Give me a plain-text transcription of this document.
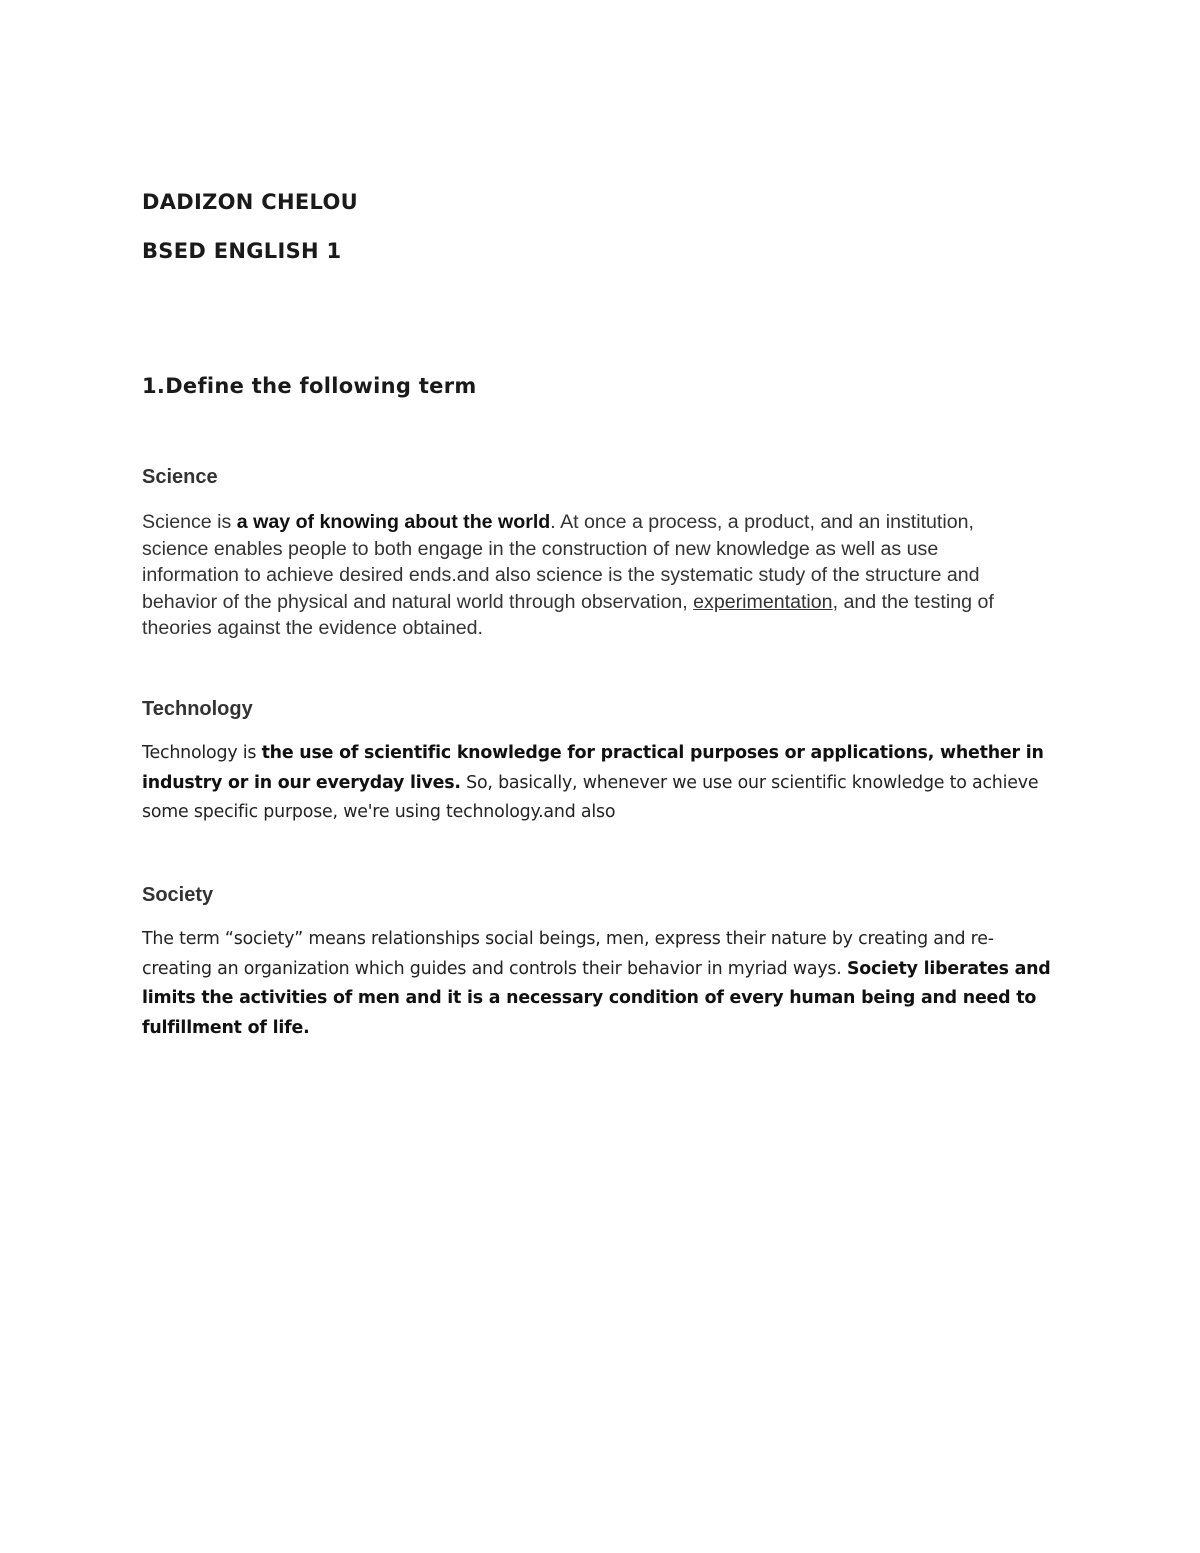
DADIZON CHELOU
BSED ENGLISH 1
1.Define the following term
Science
Science is a way of knowing about the world. At once a process, a product, and an institution,
science enables people to both engage in the construction of new knowledge as well as use
information to achieve desired ends.and also science is the systematic study of the structure and
behavior of the physical and natural world through observation, experimentation, and the testing of
theories against the evidence obtained.
Technology
Technology is the use of scientific knowledge for practical purposes or applications, whether in
industry or in our everyday lives. So, basically, whenever we use our scientific knowledge to achieve
some specific purpose, we're using technology.and also
Society
The term “society” means relationships social beings, men, express their nature by creating and re-
creating an organization which guides and controls their behavior in myriad ways. Society liberates and
limits the activities of men and it is a necessary condition of every human being and need to
fulfillment of life.
